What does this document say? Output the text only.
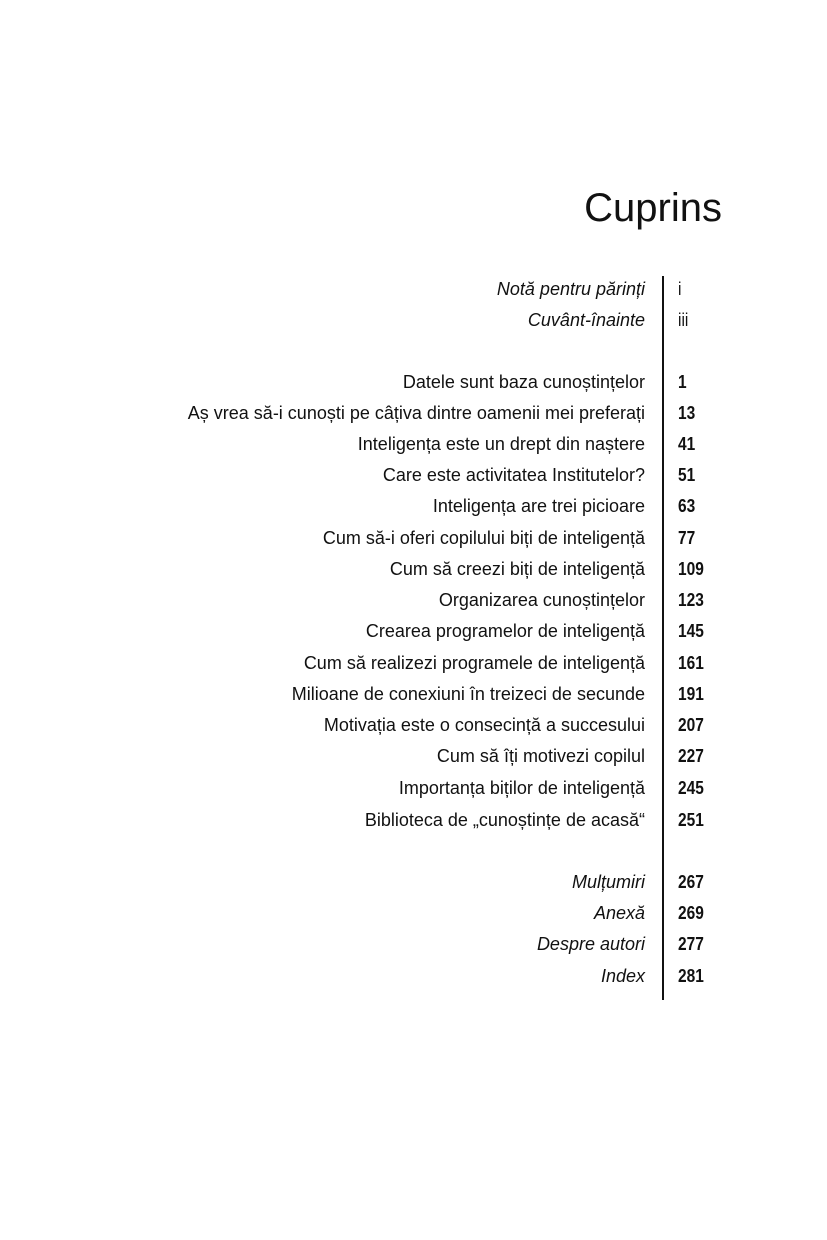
Cuprins
Notă pentru părinți i
Cuvânt-înainte iii
Datele sunt baza cunoștințelor 1
Aș vrea să-i cunoști pe câțiva dintre oamenii mei preferați 13
Inteligența este un drept din naștere 41
Care este activitatea Institutelor? 51
Inteligența are trei picioare 63
Cum să-i oferi copilului biți de inteligență 77
Cum să creezi biți de inteligență 109
Organizarea cunoștințelor 123
Crearea programelor de inteligență 145
Cum să realizezi programele de inteligență 161
Milioane de conexiuni în treizeci de secunde 191
Motivația este o consecință a succesului 207
Cum să îți motivezi copilul 227
Importanța biților de inteligență 245
Biblioteca de „cunoștințe de acasă“ 251
Mulțumiri 267
Anexă 269
Despre autori 277
Index 281
